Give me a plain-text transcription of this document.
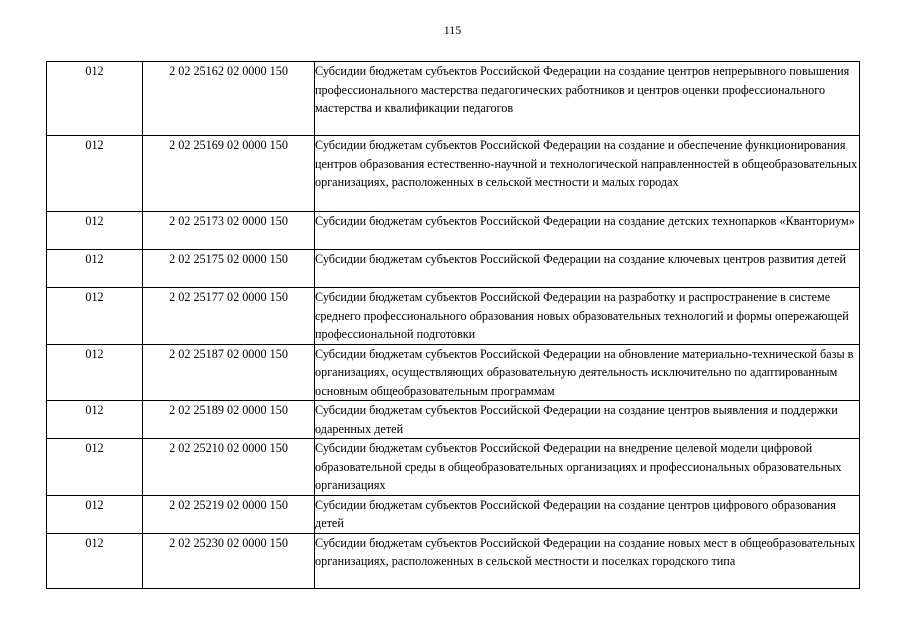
115
012	2 02 25162 02 0000 150	Субсидии бюджетам субъектов Российской Федерации на создание центров непрерывного повышения профессионального мастерства педагогических работников и центров оценки профессионального мастерства и квалификации педагогов
012	2 02 25169 02 0000 150	Субсидии бюджетам субъектов Российской Федерации на создание и обеспечение функционирования центров образования естественно-научной и технологической направленностей в общеобразовательных организациях, расположенных в сельской местности и малых городах
012	2 02 25173 02 0000 150	Субсидии бюджетам субъектов Российской Федерации на создание детских технопарков «Кванториум»
012	2 02 25175 02 0000 150	Субсидии бюджетам субъектов Российской Федерации на создание ключевых центров развития детей
012	2 02 25177 02 0000 150	Субсидии бюджетам субъектов Российской Федерации на разработку и распространение в системе среднего профессионального образования новых образовательных технологий и формы опережающей профессиональной подготовки
012	2 02 25187 02 0000 150	Субсидии бюджетам субъектов Российской Федерации на обновление материально-технической базы в организациях, осуществляющих образовательную деятельность исключительно по адаптированным основным общеобразовательным программам
012	2 02 25189 02 0000 150	Субсидии бюджетам субъектов Российской Федерации на создание центров выявления и поддержки одаренных детей
012	2 02 25210 02 0000 150	Субсидии бюджетам субъектов Российской Федерации на внедрение целевой модели цифровой образовательной среды в общеобразовательных организациях и профессиональных образовательных организациях
012	2 02 25219 02 0000 150	Субсидии бюджетам субъектов Российской Федерации на создание центров цифрового образования детей
012	2 02 25230 02 0000 150	Субсидии бюджетам субъектов Российской Федерации на создание новых мест в общеобразовательных организациях, расположенных в сельской местности и поселках городского типа
